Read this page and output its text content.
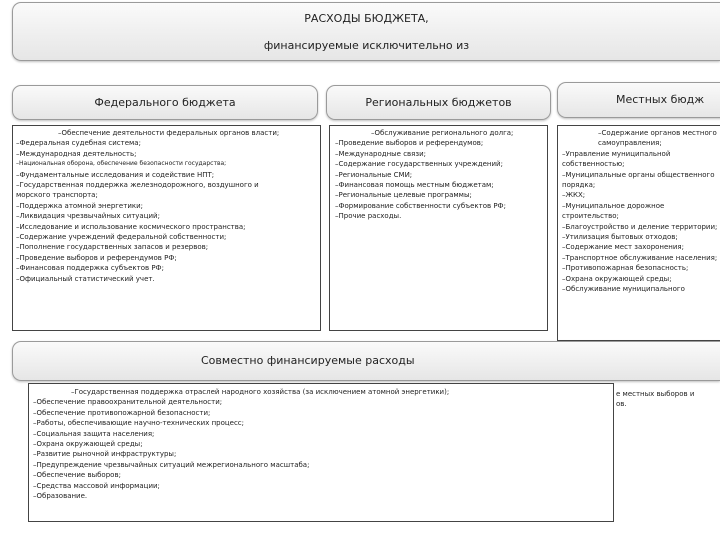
РАСХОДЫ БЮДЖЕТА,
финансируемые исключительно из
Федерального бюджета	Региональных бюджетов	Местных бюдж
–Обеспечение деятельности федеральных органов власти;
–Федеральная судебная система;
–Международная деятельность;
–Национальная оборона, обеспечение безопасности государства;
–Фундаментальные исследования и содействие НПТ;
–Государственная поддержка железнодорожного, воздушного и
морского транспорта;
–Поддержка атомной энергетики;
–Ликвидация чрезвычайных ситуаций;
–Исследование и использование космического пространства;
–Содержание учреждений федеральной собственности;
–Пополнение государственных запасов и резервов;
–Проведение выборов и референдумов РФ;
–Финансовая поддержка субъектов РФ;
–Официальный статистический учет.
–Обслуживание регионального долга;
–Проведение выборов и референдумов;
–Международные связи;
–Содержание государственных учреждений;
–Региональные СМИ;
–Финансовая помощь местным бюджетам;
–Региональные целевые программы;
–Формирование собственности субъектов РФ;
–Прочие расходы.
–Содержание органов местного самоуправления;
–Управление муниципальной собственностью;
–Муниципальные органы общественного порядка;
–ЖКХ;
–Муниципальное дорожное строительство;
–Благоустройство и деление территории;
–Утилизация бытовых отходов;
–Содержание мест захоронения;
–Транспортное обслуживание населения;
–Противопожарная безопасность;
–Охрана окружающей среды;
–Обслуживание муниципального
Совместно финансируемые расходы
е местных выборов и
ов.
–Государственная поддержка отраслей народного хозяйства (за исключением атомной энергетики);
–Обеспечение правоохранительной деятельности;
–Обеспечение противопожарной безопасности;
–Работы, обеспечивающие научно-технических процесс;
–Социальная защита населения;
–Охрана окружающей среды;
–Развитие рыночной инфраструктуры;
–Предупреждение чрезвычайных ситуаций межрегионального масштаба;
–Обеспечение выборов;
–Средства массовой информации;
–Образование.
